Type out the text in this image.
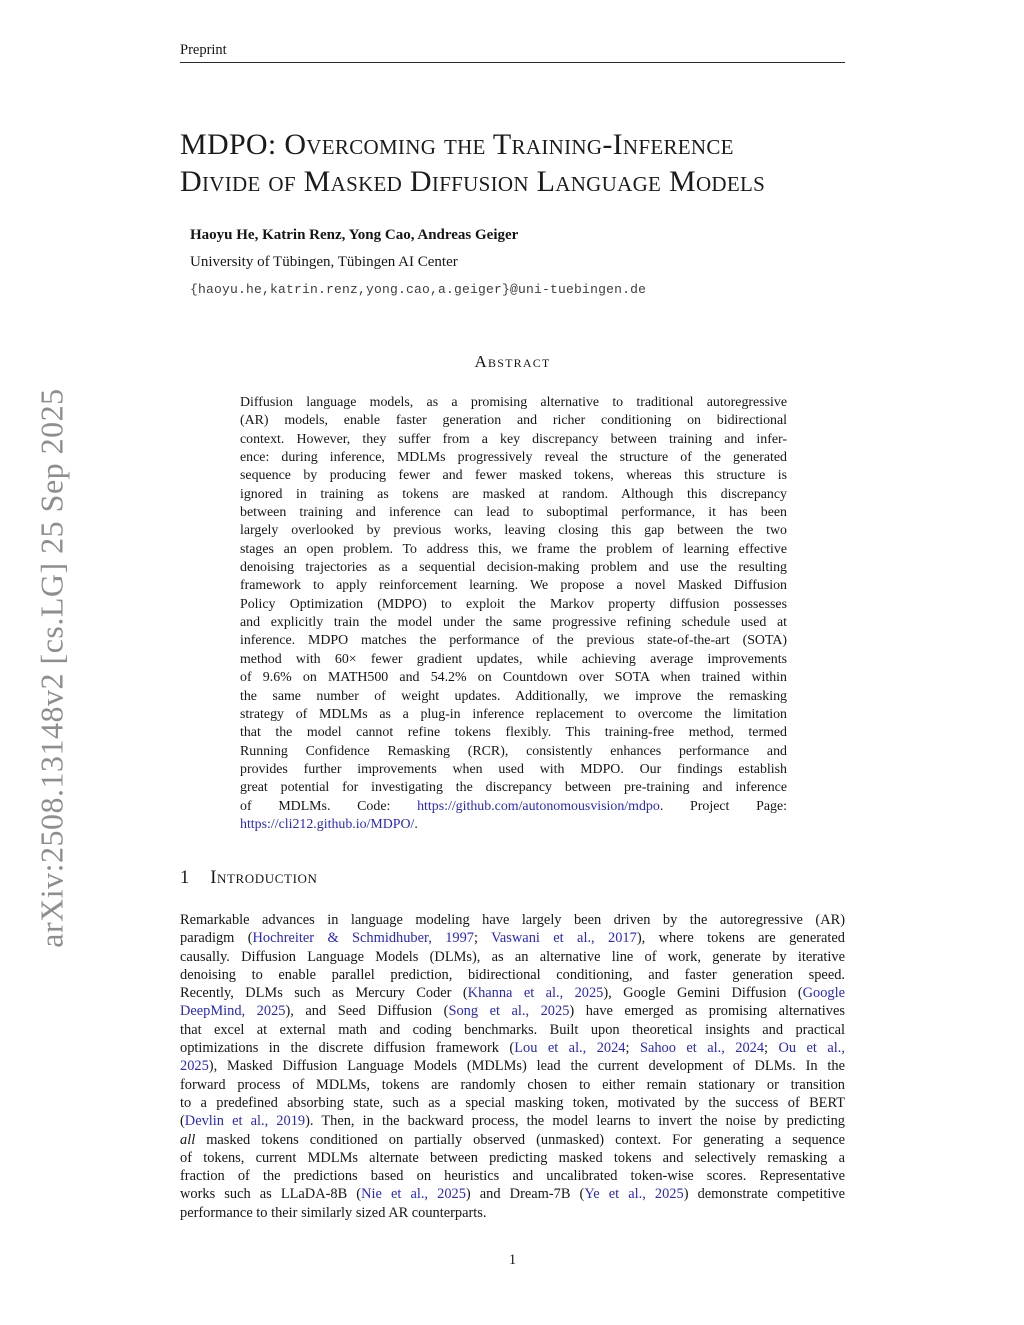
arXiv:2508.13148v2 [cs.LG] 25 Sep 2025
Preprint
MDPO: Overcoming the Training-Inference
Divide of Masked Diffusion Language Models
Haoyu He, Katrin Renz, Yong Cao, Andreas Geiger
University of Tübingen, Tübingen AI Center
{haoyu.he,katrin.renz,yong.cao,a.geiger}@uni-tuebingen.de
Abstract
Diffusion language models, as a promising alternative to traditional autoregressive
(AR) models, enable faster generation and richer conditioning on bidirectional
context. However, they suffer from a key discrepancy between training and infer-
ence: during inference, MDLMs progressively reveal the structure of the generated
sequence by producing fewer and fewer masked tokens, whereas this structure is
ignored in training as tokens are masked at random. Although this discrepancy
between training and inference can lead to suboptimal performance, it has been
largely overlooked by previous works, leaving closing this gap between the two
stages an open problem. To address this, we frame the problem of learning effective
denoising trajectories as a sequential decision-making problem and use the resulting
framework to apply reinforcement learning. We propose a novel Masked Diffusion
Policy Optimization (MDPO) to exploit the Markov property diffusion possesses
and explicitly train the model under the same progressive refining schedule used at
inference. MDPO matches the performance of the previous state-of-the-art (SOTA)
method with 60× fewer gradient updates, while achieving average improvements
of 9.6% on MATH500 and 54.2% on Countdown over SOTA when trained within
the same number of weight updates. Additionally, we improve the remasking
strategy of MDLMs as a plug-in inference replacement to overcome the limitation
that the model cannot refine tokens flexibly. This training-free method, termed
Running Confidence Remasking (RCR), consistently enhances performance and
provides further improvements when used with MDPO. Our findings establish
great potential for investigating the discrepancy between pre-training and inference
of MDLMs. Code: https://github.com/autonomousvision/mdpo. Project Page:
https://cli212.github.io/MDPO/.
1 Introduction
Remarkable advances in language modeling have largely been driven by the autoregressive (AR)
paradigm (Hochreiter & Schmidhuber, 1997; Vaswani et al., 2017), where tokens are generated
causally. Diffusion Language Models (DLMs), as an alternative line of work, generate by iterative
denoising to enable parallel prediction, bidirectional conditioning, and faster generation speed.
Recently, DLMs such as Mercury Coder (Khanna et al., 2025), Google Gemini Diffusion (Google
DeepMind, 2025), and Seed Diffusion (Song et al., 2025) have emerged as promising alternatives
that excel at external math and coding benchmarks. Built upon theoretical insights and practical
optimizations in the discrete diffusion framework (Lou et al., 2024; Sahoo et al., 2024; Ou et al.,
2025), Masked Diffusion Language Models (MDLMs) lead the current development of DLMs. In the
forward process of MDLMs, tokens are randomly chosen to either remain stationary or transition
to a predefined absorbing state, such as a special masking token, motivated by the success of BERT
(Devlin et al., 2019). Then, in the backward process, the model learns to invert the noise by predicting
all masked tokens conditioned on partially observed (unmasked) context. For generating a sequence
of tokens, current MDLMs alternate between predicting masked tokens and selectively remasking a
fraction of the predictions based on heuristics and uncalibrated token-wise scores. Representative
works such as LLaDA-8B (Nie et al., 2025) and Dream-7B (Ye et al., 2025) demonstrate competitive
performance to their similarly sized AR counterparts.
1
